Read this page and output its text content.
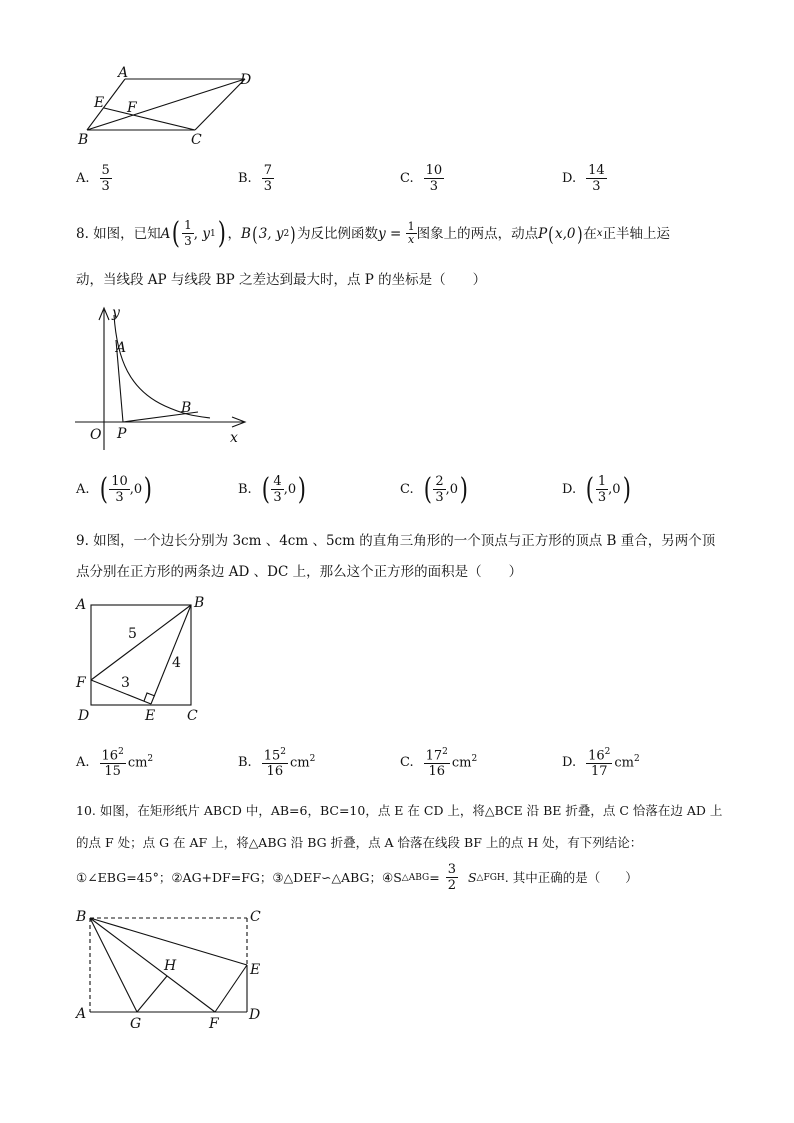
A	D
E F
B	C
A. $\frac{5}{3}$	B. $\frac{7}{3}$	C. $\frac{10}{3}$	D. $\frac{14}{3}$
8. 如图，已知 A ( $\frac{1}{3}$ , y 1 ) ， B ( 3, y 2 ) 为反比例函数 $y = \frac{1}{x}$ 图象上的两点，动点 P ( x,0 ) 在 x 正半轴上运
动，当线段 AP 与线段 BP 之差达到最大时，点 P 的坐标是（　　）
y
A
B
O P	x
A. ( $\frac{10}{3} ,0$ )	B. ( $\frac{4}{3} ,0$ )	C. ( $\frac{2}{3} ,0$ )	D. ( $\frac{1}{3} ,0$ )
9. 如图，一个边长分别为 3cm 、4cm 、5cm 的直角三角形的一个顶点与正方形的顶点 B 重合，另两个顶
点分别在正方形的两条边 AD 、DC 上，那么这个正方形的面积是（　　）
A	B
5
4
F	3
D	E C
A. $\frac{16^2}{15} cm^2$	B. $\frac{15^2}{16} cm^2$	C. $\frac{17^2}{16} cm^2$	D. $\frac{16^2}{17} cm^2$
10. 如图，在矩形纸片 ABCD 中，AB=6，BC=10，点 E 在 CD 上，将△BCE 沿 BE 折叠，点 C 恰落在边 AD 上
的点 F 处；点 G 在 AF 上，将△ABG 沿 BG 折叠，点 A 恰落在线段 BF 上的点 H 处，有下列结论：
①∠EBG=45°；②AG+DF=FG；③△DEF∽△ABG；④S △ABG = $\frac{3}{2}$ S △FGH . 其中正确的是（　　）
B	C
H	E
A
G	F
D
